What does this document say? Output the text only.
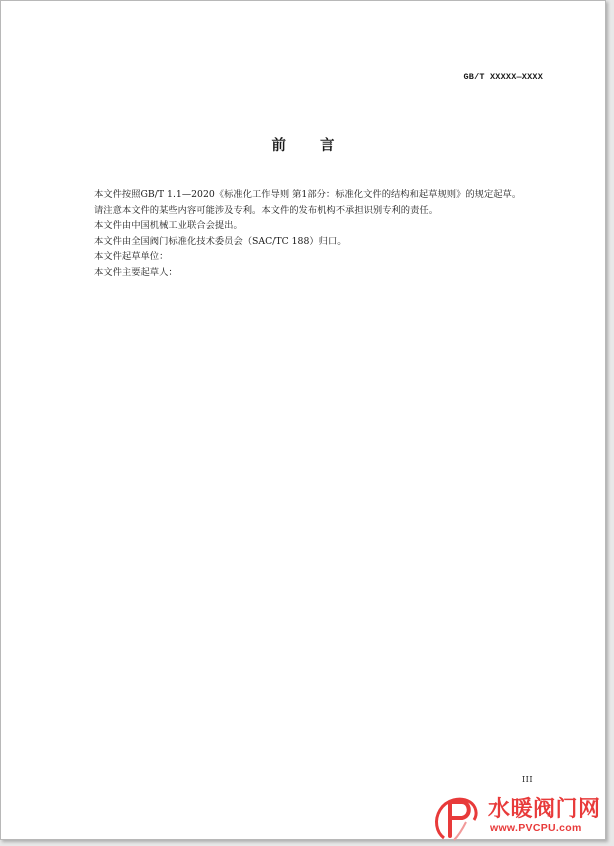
GB/T XXXXX—XXXX
前言

本文件按照GB/T 1.1—2020《标准化工作导则 第1部分：标准化文件的结构和起草规则》的规定起草。

请注意本文件的某些内容可能涉及专利。本文件的发布机构不承担识别专利的责任。

本文件由中国机械工业联合会提出。

本文件由全国阀门标准化技术委员会（SAC/TC 188）归口。

本文件起草单位：

本文件主要起草人：

III
水暖阀门网
www.PVCPU.com
